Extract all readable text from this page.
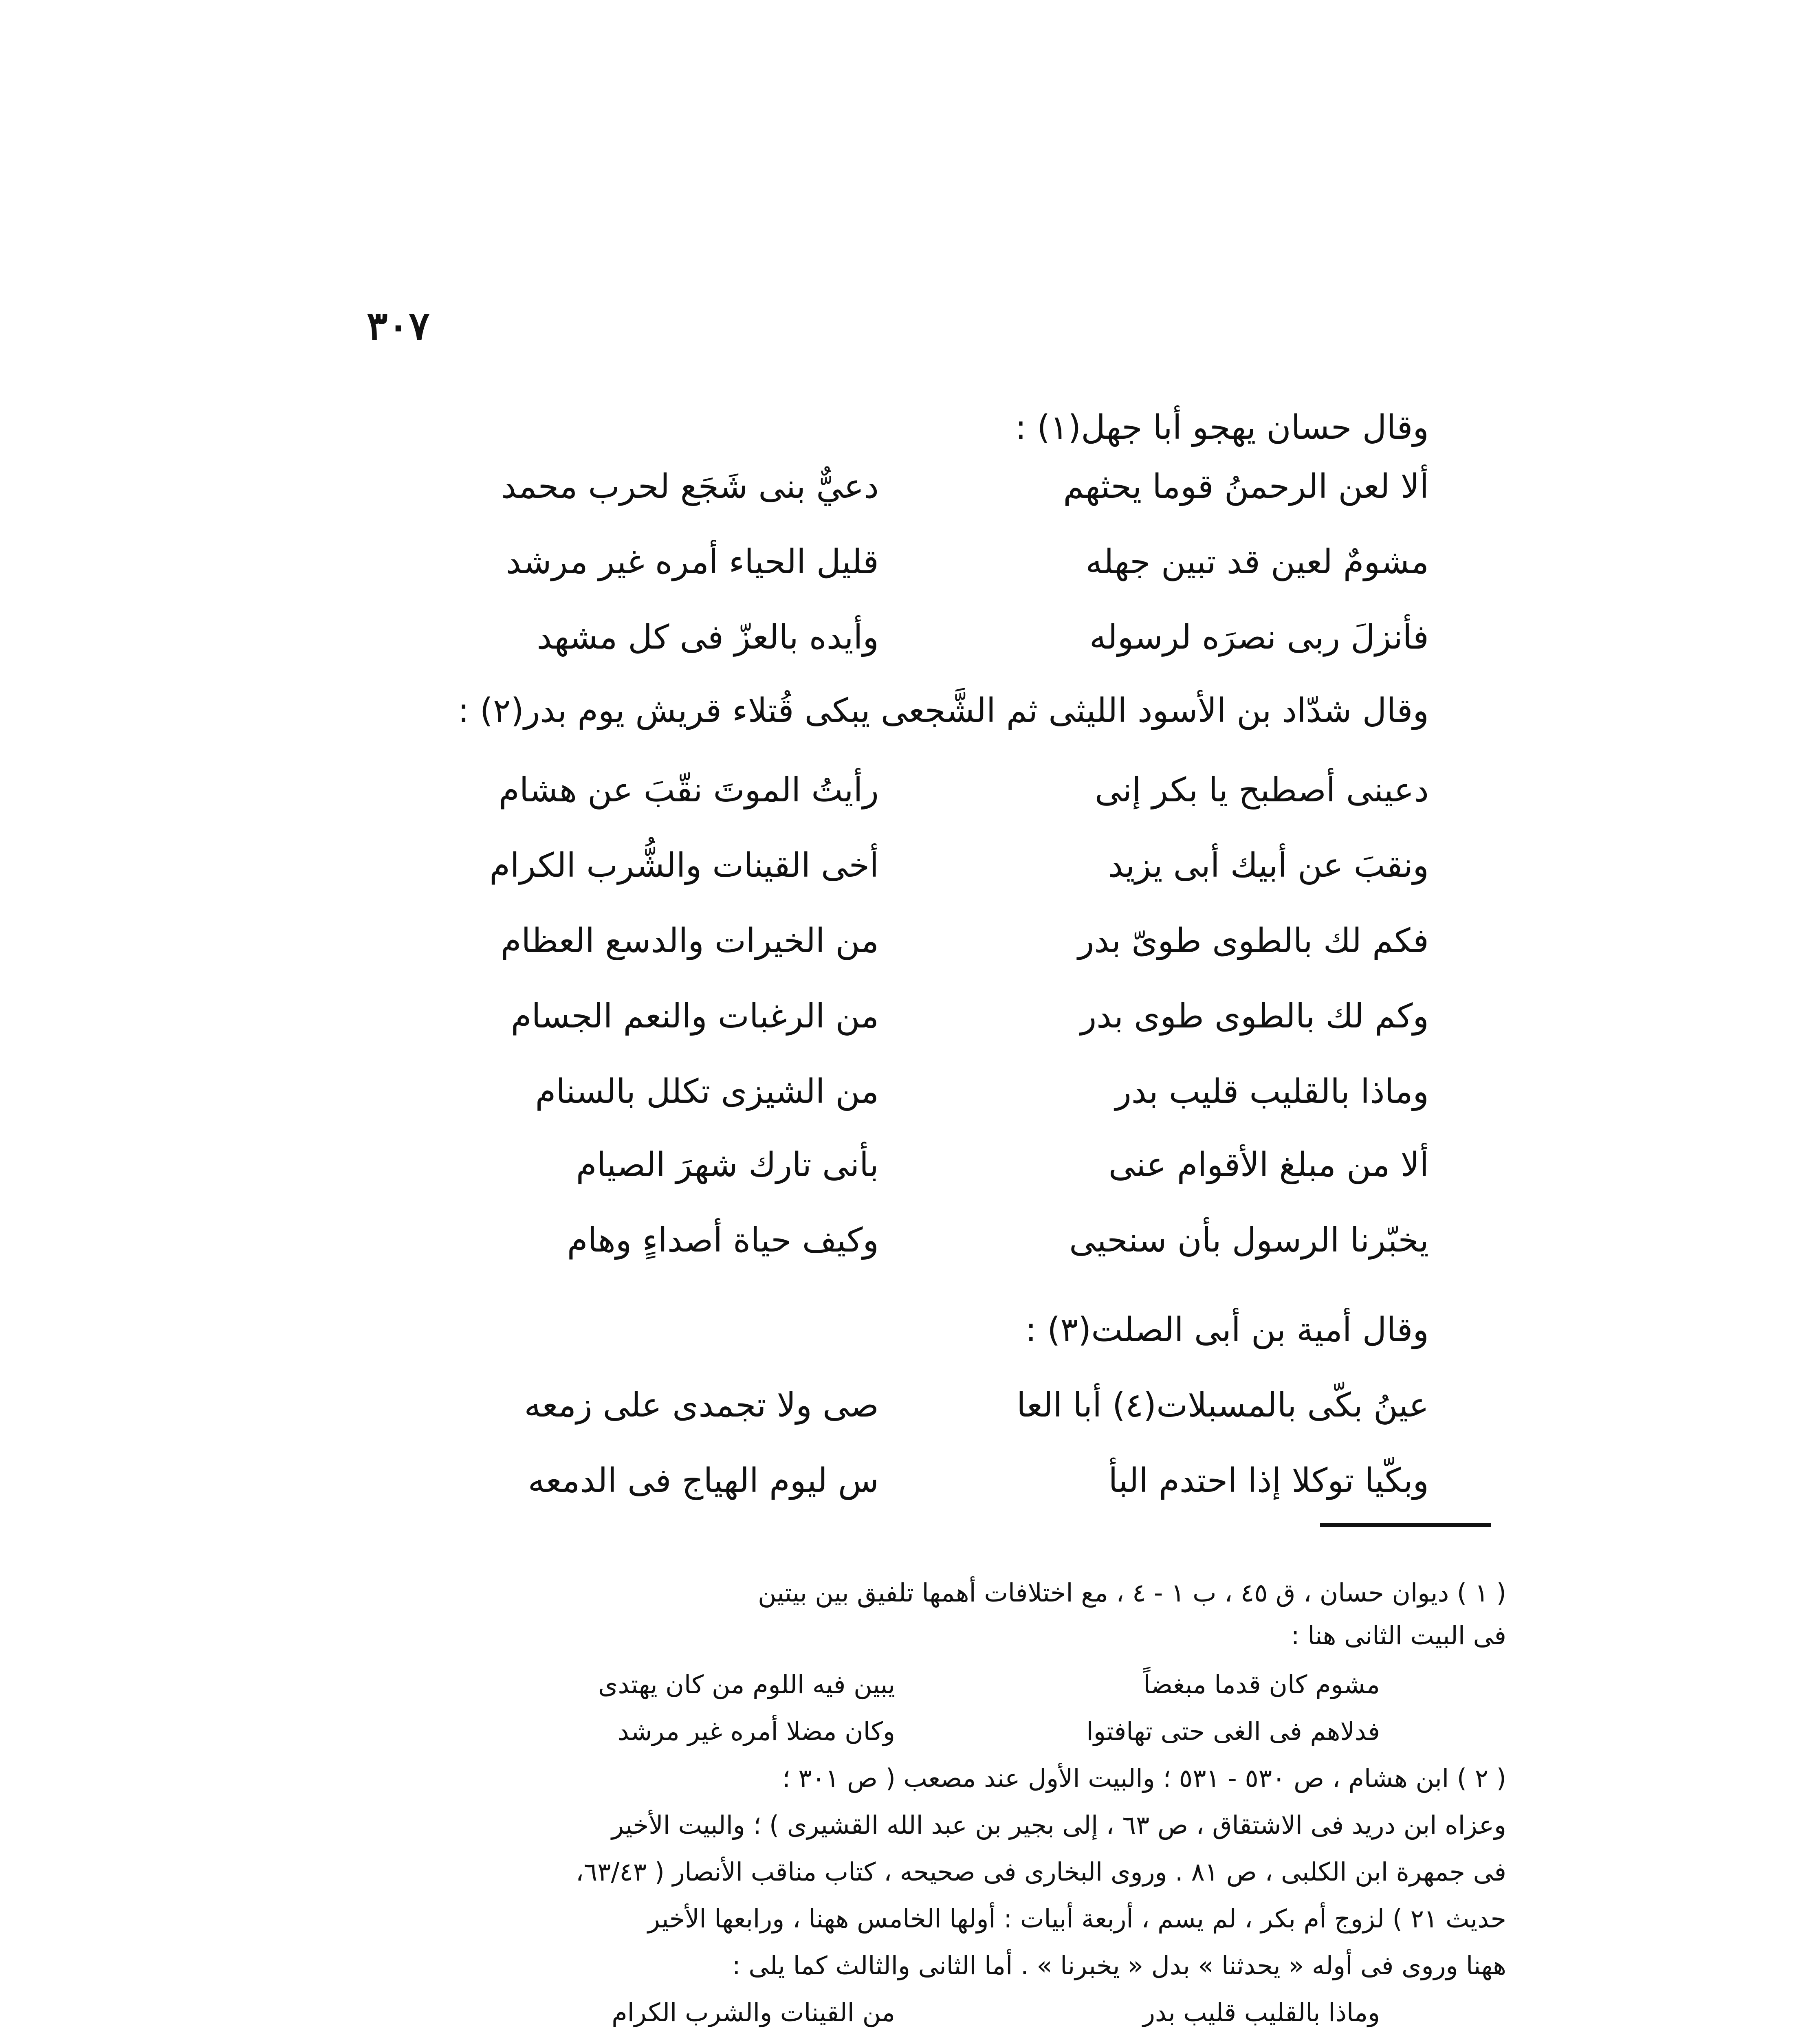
٣٠٧
وقال حسان يهجو أبا جهل(١) :
ألا لعن الرحمنُ قوما يحثهم
دعيٌّ بنى شَجَع لحرب محمد
مشومٌ لعين قد تبين جهله
قليل الحياء أمره غير مرشد
فأنزلَ ربى نصرَه لرسوله
وأيده بالعزّ فى كل مشهد
وقال شدّاد بن الأسود الليثى ثم الشَّجعى يبكى قُتلاء قريش يوم بدر(٢) :
دعينى أصطبح يا بكر إنى
رأيتُ الموتَ نقّبَ عن هشام
ونقبَ عن أبيك أبى يزيد
أخى القينات والشُّرب الكرام
فكم لك بالطوى طوىّ بدر
من الخيرات والدسع العظام
وكم لك بالطوى طوى بدر
من الرغبات والنعم الجسام
وماذا بالقليب قليب بدر
من الشيزى تكلل بالسنام
ألا من مبلغ الأقوام عنى
بأنى تارك شهرَ الصيام
يخبّرنا الرسول بأن سنحيى
وكيف حياة أصداءٍ وهام
وقال أمية بن أبى الصلت(٣) :
عينُ بكّى بالمسبلات(٤) أبا العا
صى ولا تجمدى على زمعه
وبكّيا توكلا إذا احتدم البأ
س ليوم الهياج فى الدمعه
( ١ ) ديوان حسان ، ق ٤٥ ، ب ١ - ٤ ، مع اختلافات أهمها تلفيق بين بيتين
فى البيت الثانى هنا :
مشوم كان قدما مبغضاً
يبين فيه اللوم من كان يهتدى
فدلاهم فى الغى حتى تهافتوا
وكان مضلا أمره غير مرشد
( ٢ ) ابن هشام ، ص ٥٣٠ - ٥٣١ ؛ والبيت الأول عند مصعب ( ص ٣٠١ ؛
وعزاه ابن دريد فى الاشتقاق ، ص ٦٣ ، إلى بجير بن عبد الله القشيرى ) ؛ والبيت الأخير
فى جمهرة ابن الكلبى ، ص ٨١ . وروى البخارى فى صحيحه ، كتاب مناقب الأنصار ( ٦٣/٤٣،
حديث ٢١ ) لزوج أم بكر ، لم يسم ، أربعة أبيات : أولها الخامس ههنا ، ورابعها الأخير
ههنا وروى فى أوله « يحدثنا » بدل « يخبرنا » . أما الثانى والثالث كما يلى :
وماذا بالقليب قليب بدر
من القينات والشرب الكرام
